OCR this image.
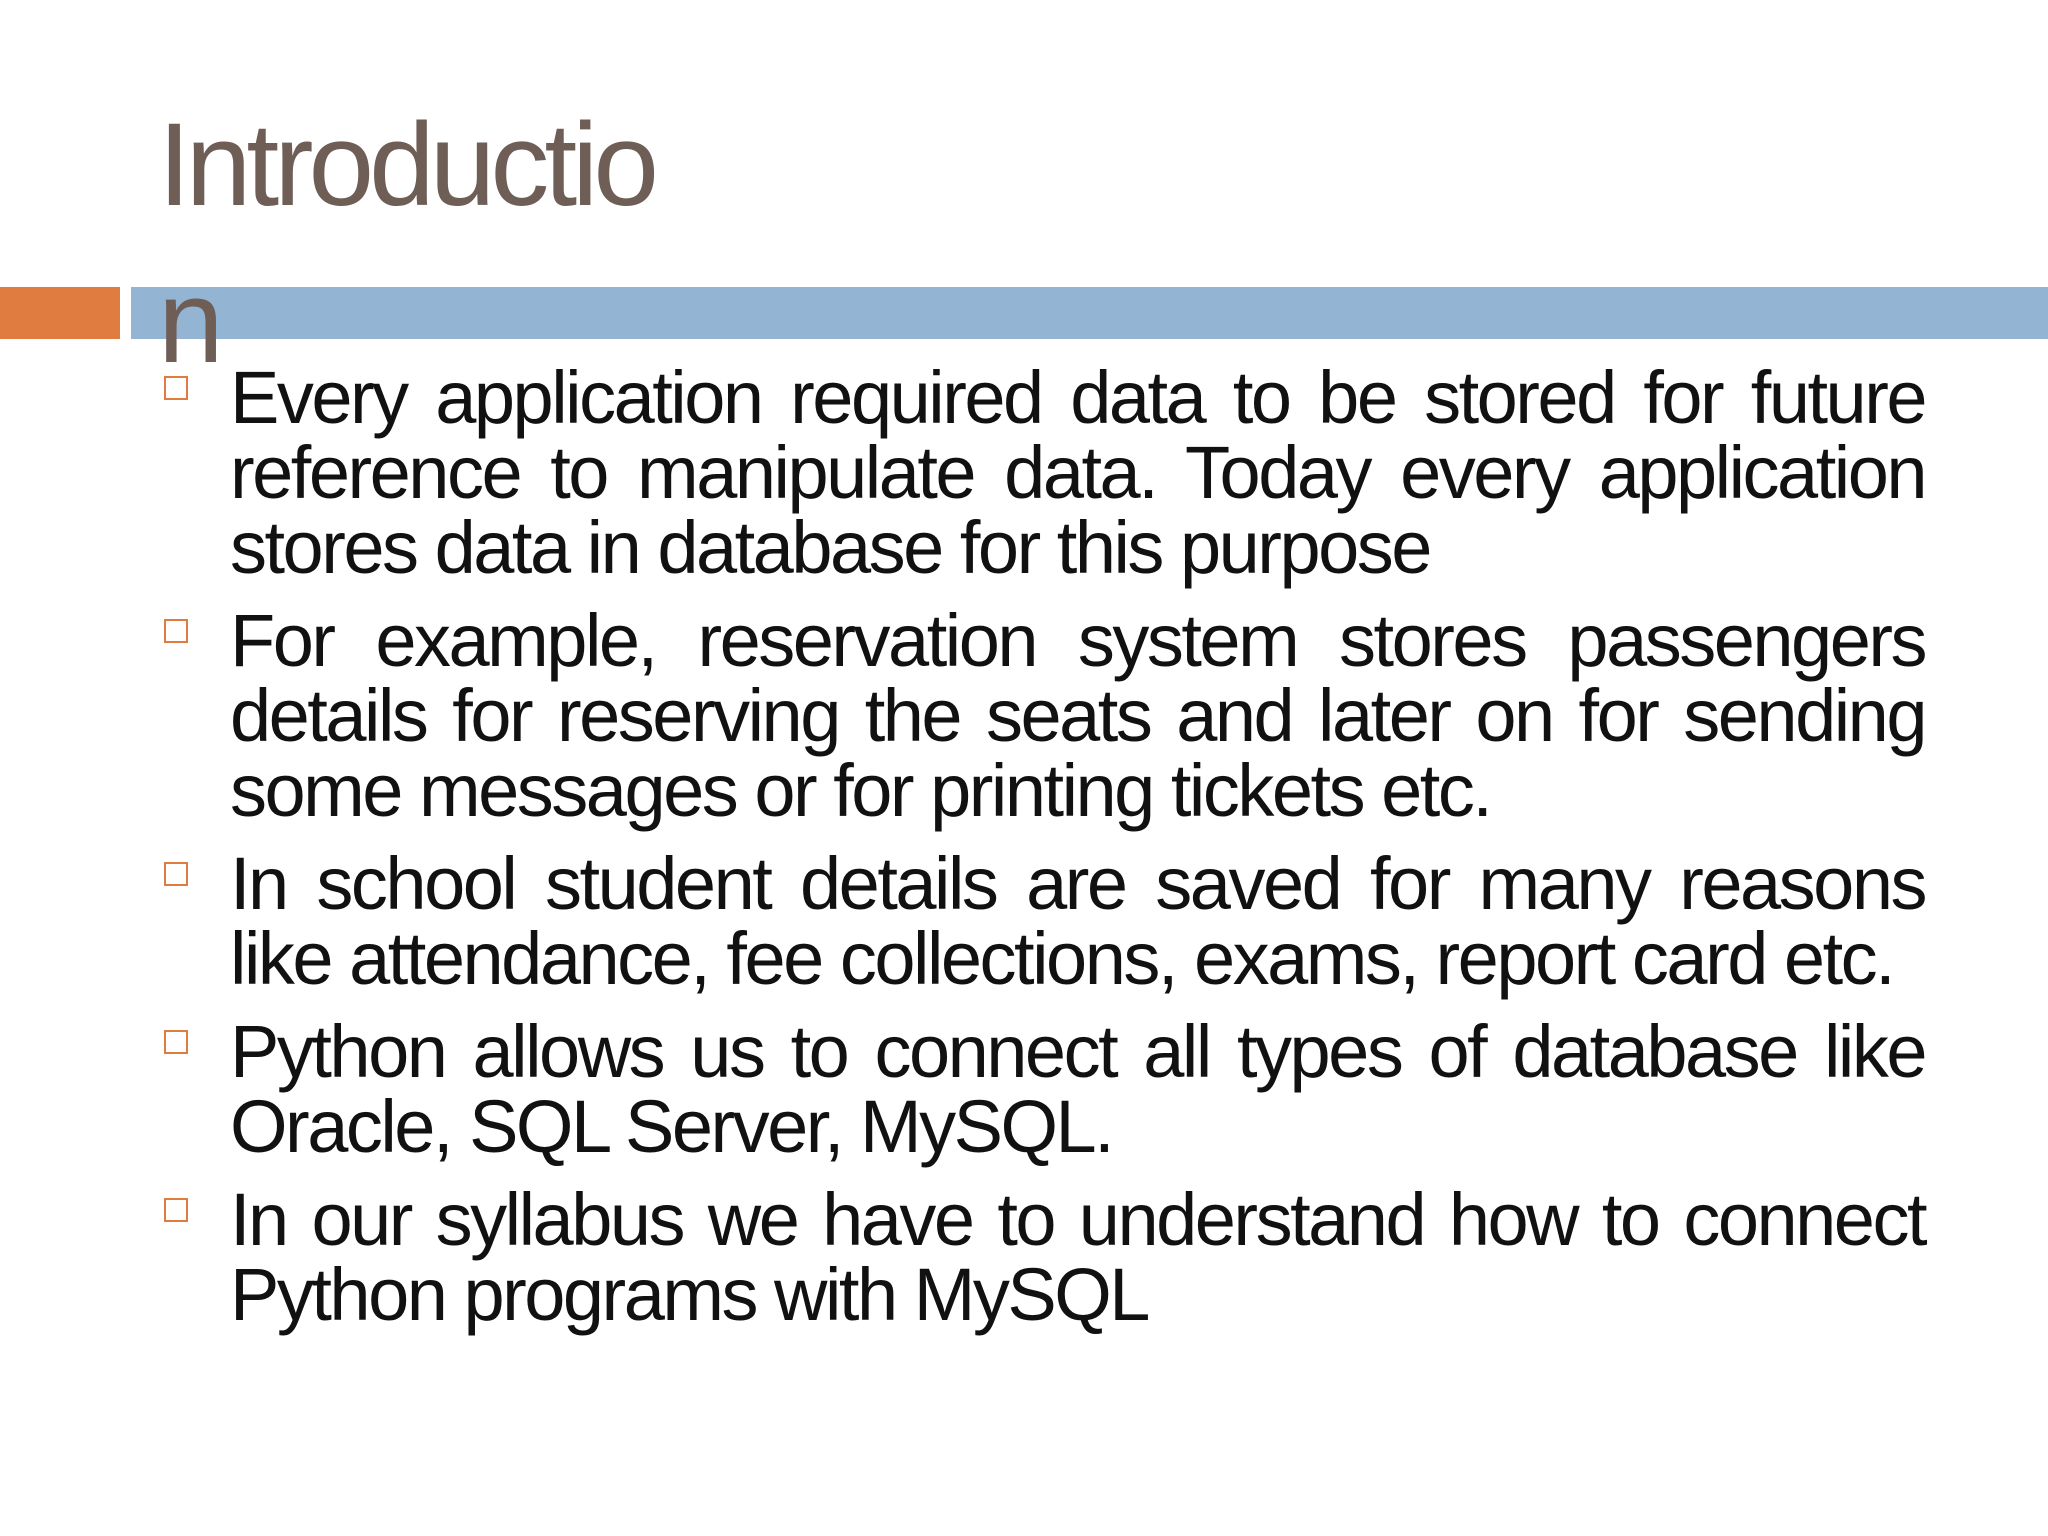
Introductio
n
Every application required data to be stored for future reference to manipulate data. Today every application stores data in database for this purpose
For example, reservation system stores passengers details for reserving the seats and later on for sending some messages or for printing tickets etc.
In school student details are saved for many reasons like attendance, fee collections, exams, report card etc.
Python allows us to connect all types of database like Oracle, SQL Server, MySQL.
In our syllabus we have to understand how to connect Python programs with MySQL
